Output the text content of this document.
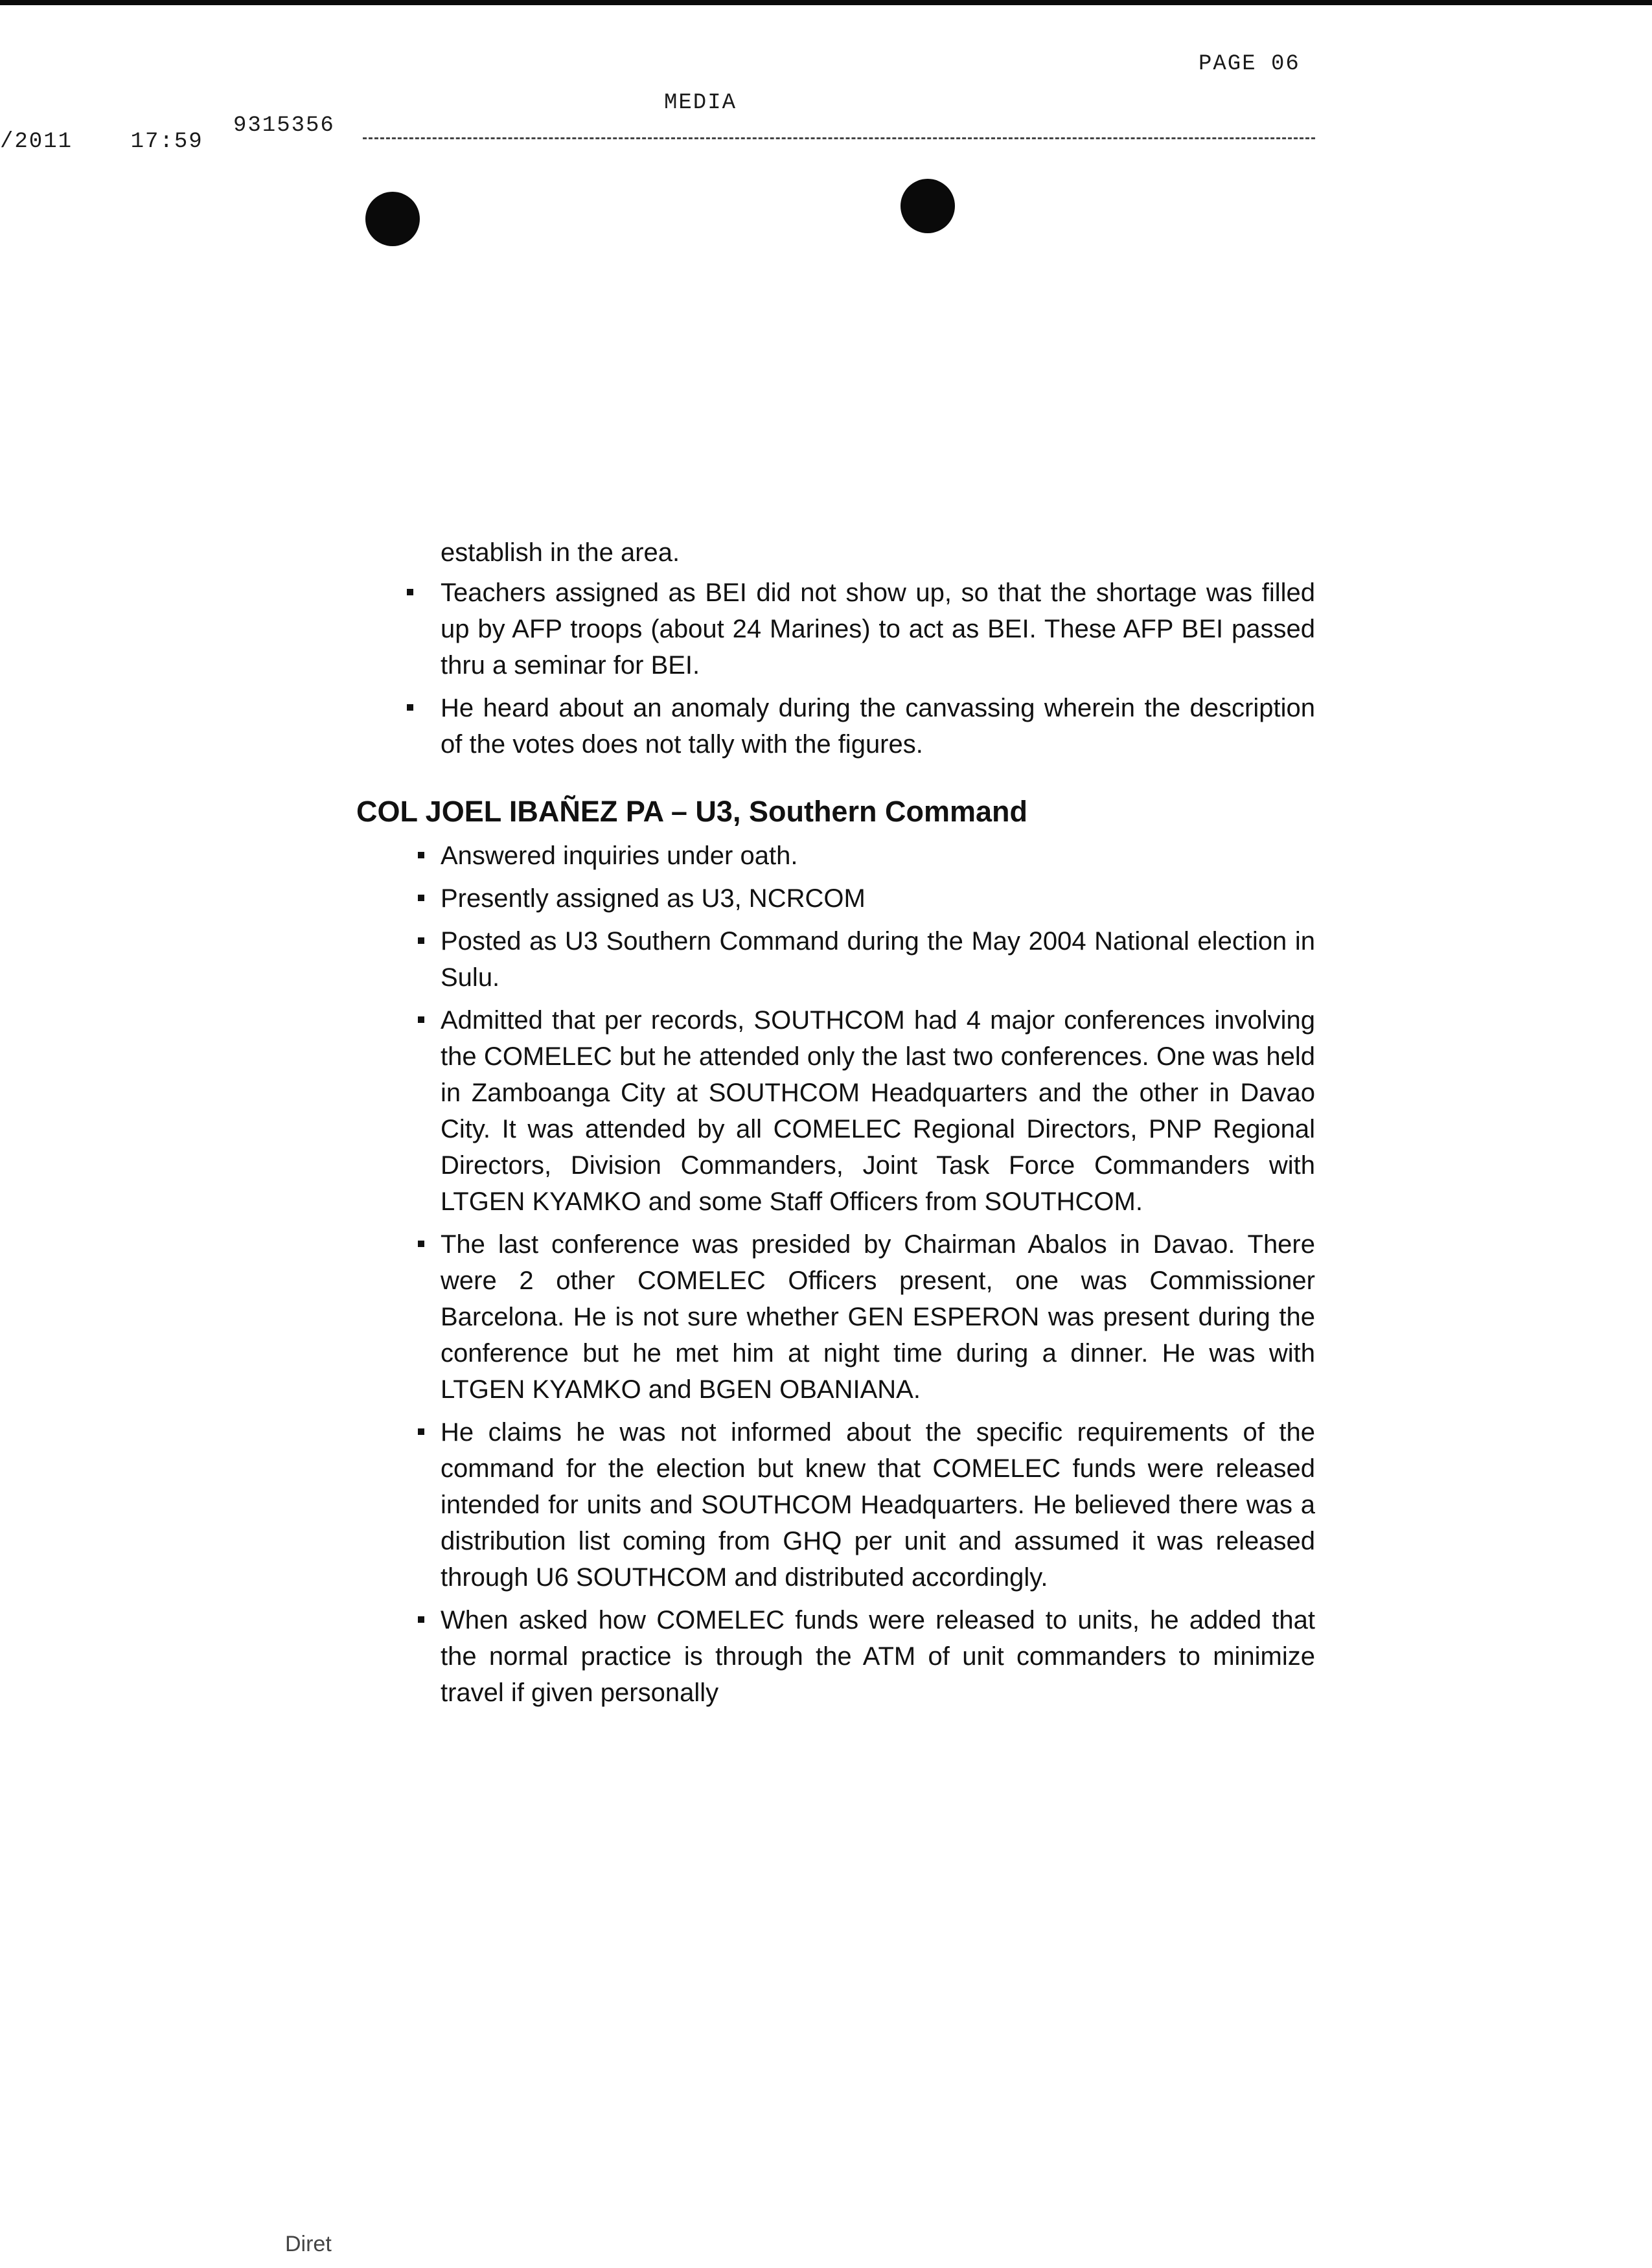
PAGE 06
MEDIA
/2011	17:59
9315356
establish in the area.
Teachers assigned as BEI did not show up, so that the shortage was filled up by AFP troops (about 24 Marines) to act as BEI. These AFP BEI passed thru a seminar for BEI.
He heard about an anomaly during the canvassing wherein the description of the votes does not tally with the figures.
COL JOEL IBAÑEZ PA – U3, Southern Command
Answered inquiries under oath.
Presently assigned as U3, NCRCOM
Posted as U3 Southern Command during the May 2004 National election in Sulu.
Admitted that per records, SOUTHCOM had 4 major conferences involving the COMELEC but he attended only the last two conferences. One was held in Zamboanga City at SOUTHCOM Headquarters and the other in Davao City. It was attended by all COMELEC Regional Directors, PNP Regional Directors, Division Commanders, Joint Task Force Commanders with LTGEN KYAMKO and some Staff Officers from SOUTHCOM.
The last conference was presided by Chairman Abalos in Davao. There were 2 other COMELEC Officers present, one was Commissioner Barcelona. He is not sure whether GEN ESPERON was present during the conference but he met him at night time during a dinner. He was with LTGEN KYAMKO and BGEN OBANIANA.
He claims he was not informed about the specific requirements of the command for the election but knew that COMELEC funds were released intended for units and SOUTHCOM Headquarters. He believed there was a distribution list coming from GHQ per unit and assumed it was released through U6 SOUTHCOM and distributed accordingly.
When asked how COMELEC funds were released to units, he added that the normal practice is through the ATM of unit commanders to minimize travel if given personally
Diret
